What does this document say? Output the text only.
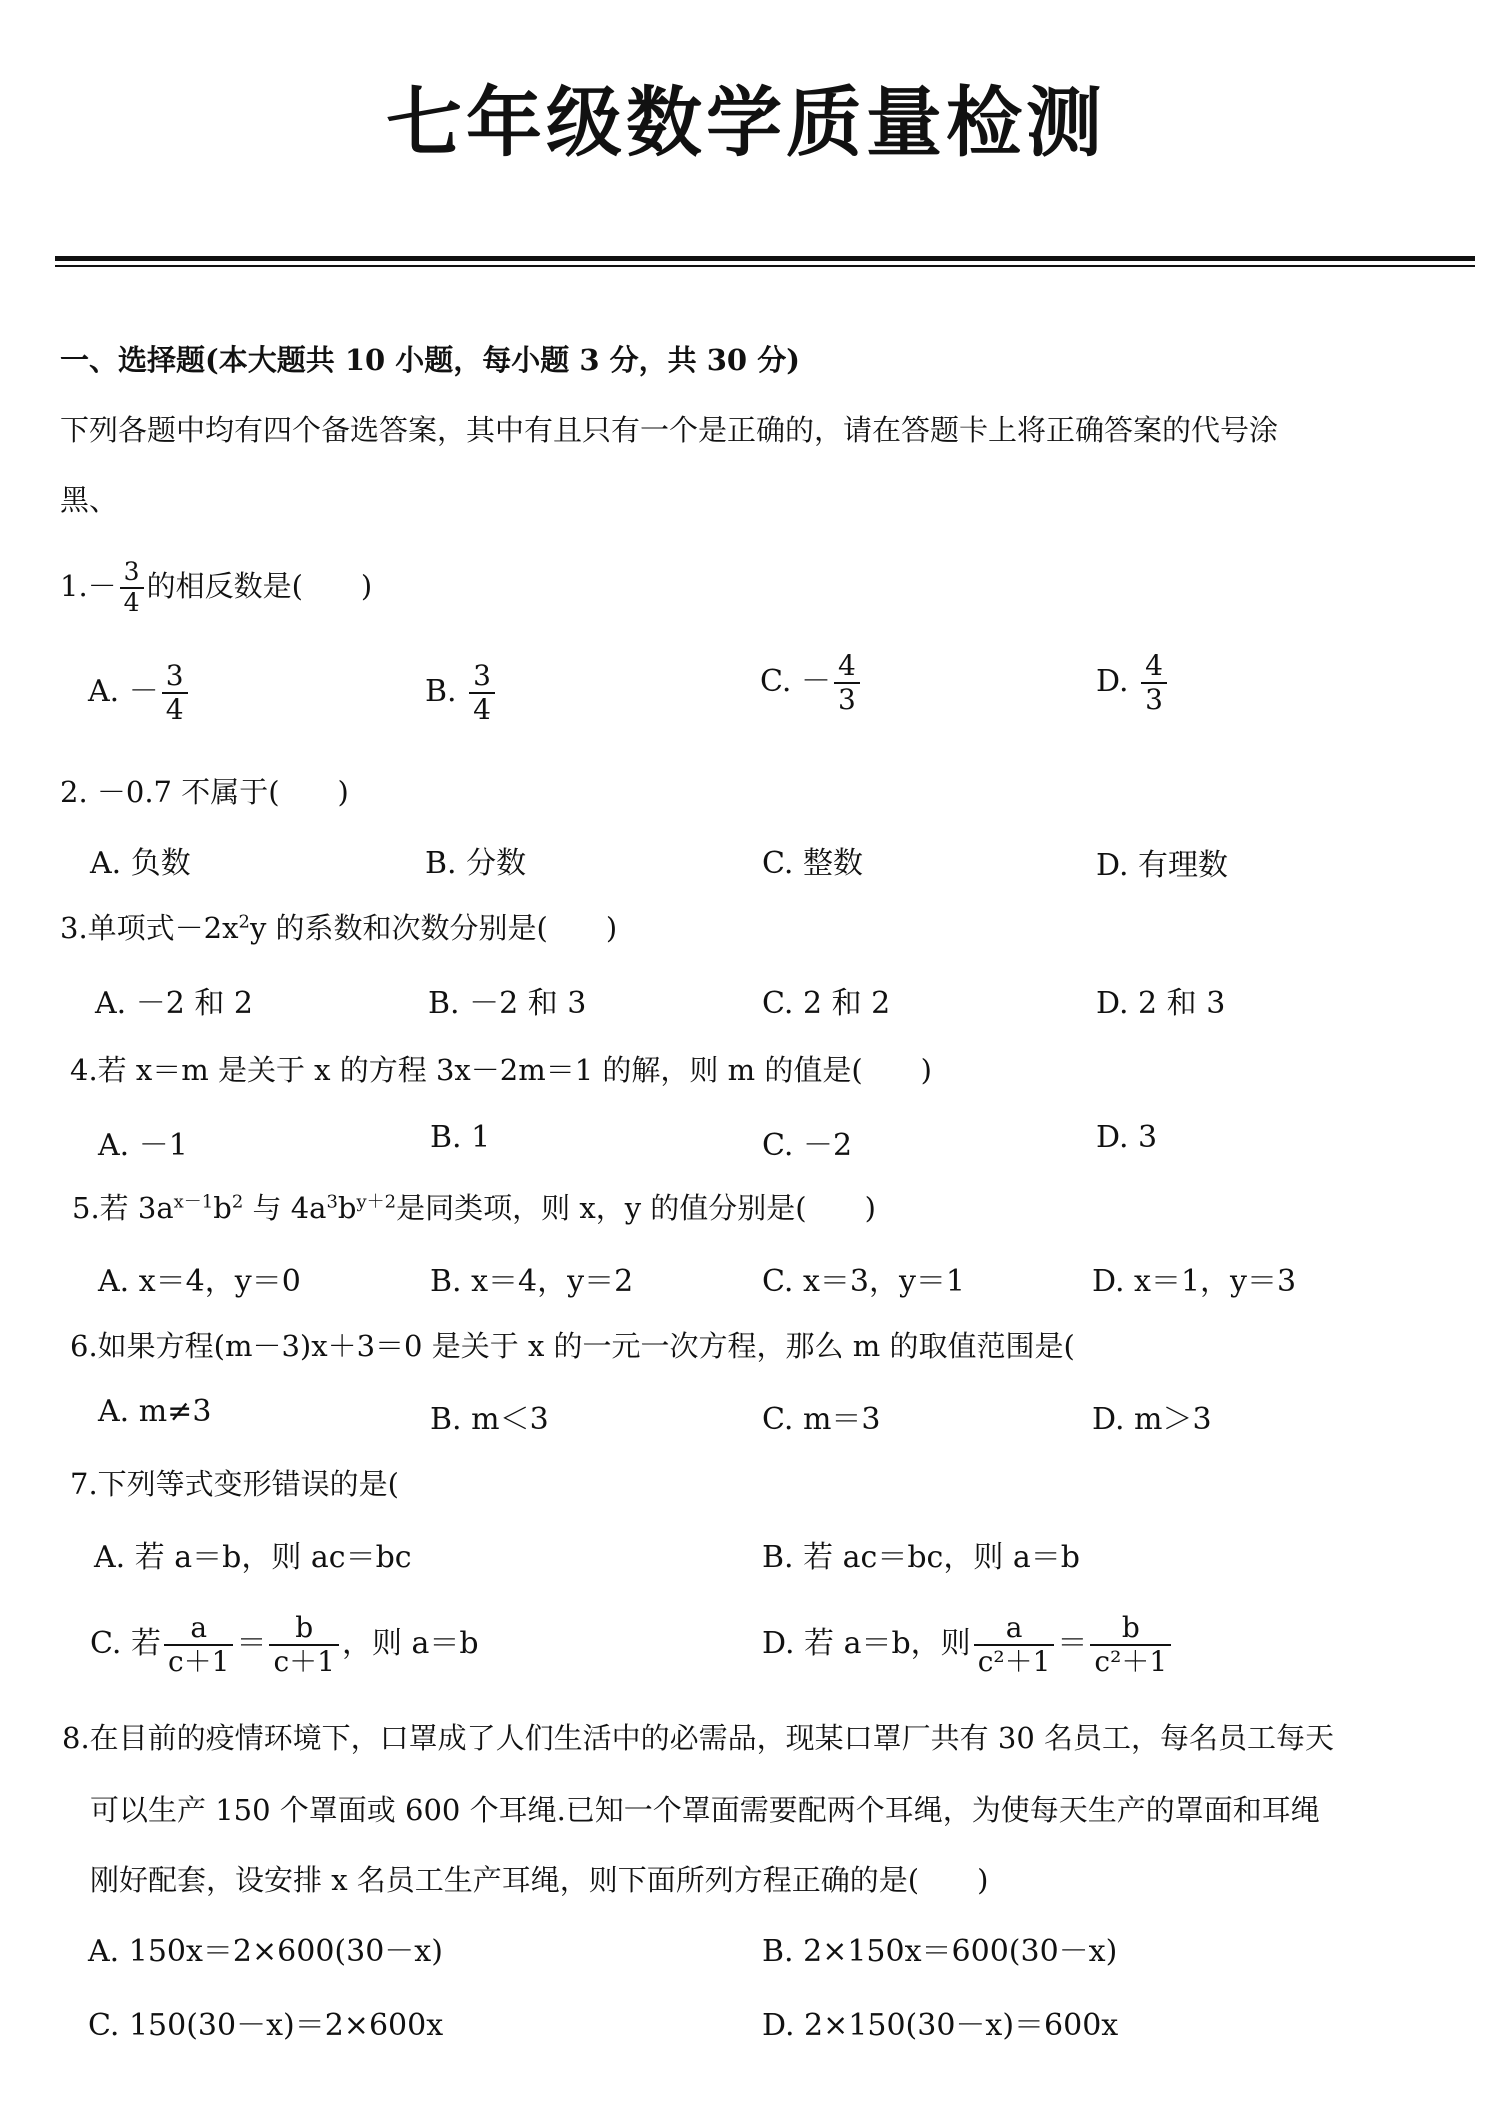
七年级数学质量检测
一、选择题(本大题共 10 小题，每小题 3 分，共 30 分)
下列各题中均有四个备选答案，其中有且只有一个是正确的，请在答题卡上将正确答案的代号涂
黑、
$1.- \frac{3}{4}$ 的相反数是(　　)
A. － $\frac{3}{4}$	B. $\frac{3}{4}$	C. － $\frac{4}{3}$	D. $\frac{4}{3}$
2. －0.7 不属于(　　)
A. 负数	B. 分数	C. 整数	D. 有理数
3.单项式$-2x^2y$ 的系数和次数分别是(　　)
A. －2 和 2	B. －2 和 3	C. 2 和 2	D. 2 和 3
4.若 x＝m 是关于 x 的方程 3x－2m＝1 的解，则 m 的值是(　　)
A. －1	B. 1	C. －2	D. 3
5.若 $3a^{x-1}b^2$ 与 $4a^3b^{y+2}$是同类项，则 x，y 的值分别是(　　)
A. x＝4，y＝0	B. x＝4，y＝2	C. x＝3，y＝1	D. x＝1，y＝3
6.如果方程(m－3)x＋3＝0 是关于 x 的一元一次方程，那么 m 的取值范围是(
A. m≠3	B. m＜3	C. m＝3	D. m＞3
7.下列等式变形错误的是(
A. 若 a＝b，则 ac＝bc	B. 若 ac＝bc，则 a＝b
C. 若 $\frac{a}{c+1} = \frac{b}{c+1}$ ，则 a＝b	D. 若 a＝b，则 $\frac{a}{\text{c²＋1}} = \frac{b}{\text{c²＋1}}$
8.在目前的疫情环境下，口罩成了人们生活中的必需品，现某口罩厂共有 30 名员工，每名员工每天
可以生产 150 个罩面或 600 个耳绳.已知一个罩面需要配两个耳绳，为使每天生产的罩面和耳绳
刚好配套，设安排 x 名员工生产耳绳，则下面所列方程正确的是(　　)
A. 150x＝2×600(30－x)	B. 2×150x＝600(30－x)
C. 150(30－x)＝2×600x	D. 2×150(30－x)＝600x
